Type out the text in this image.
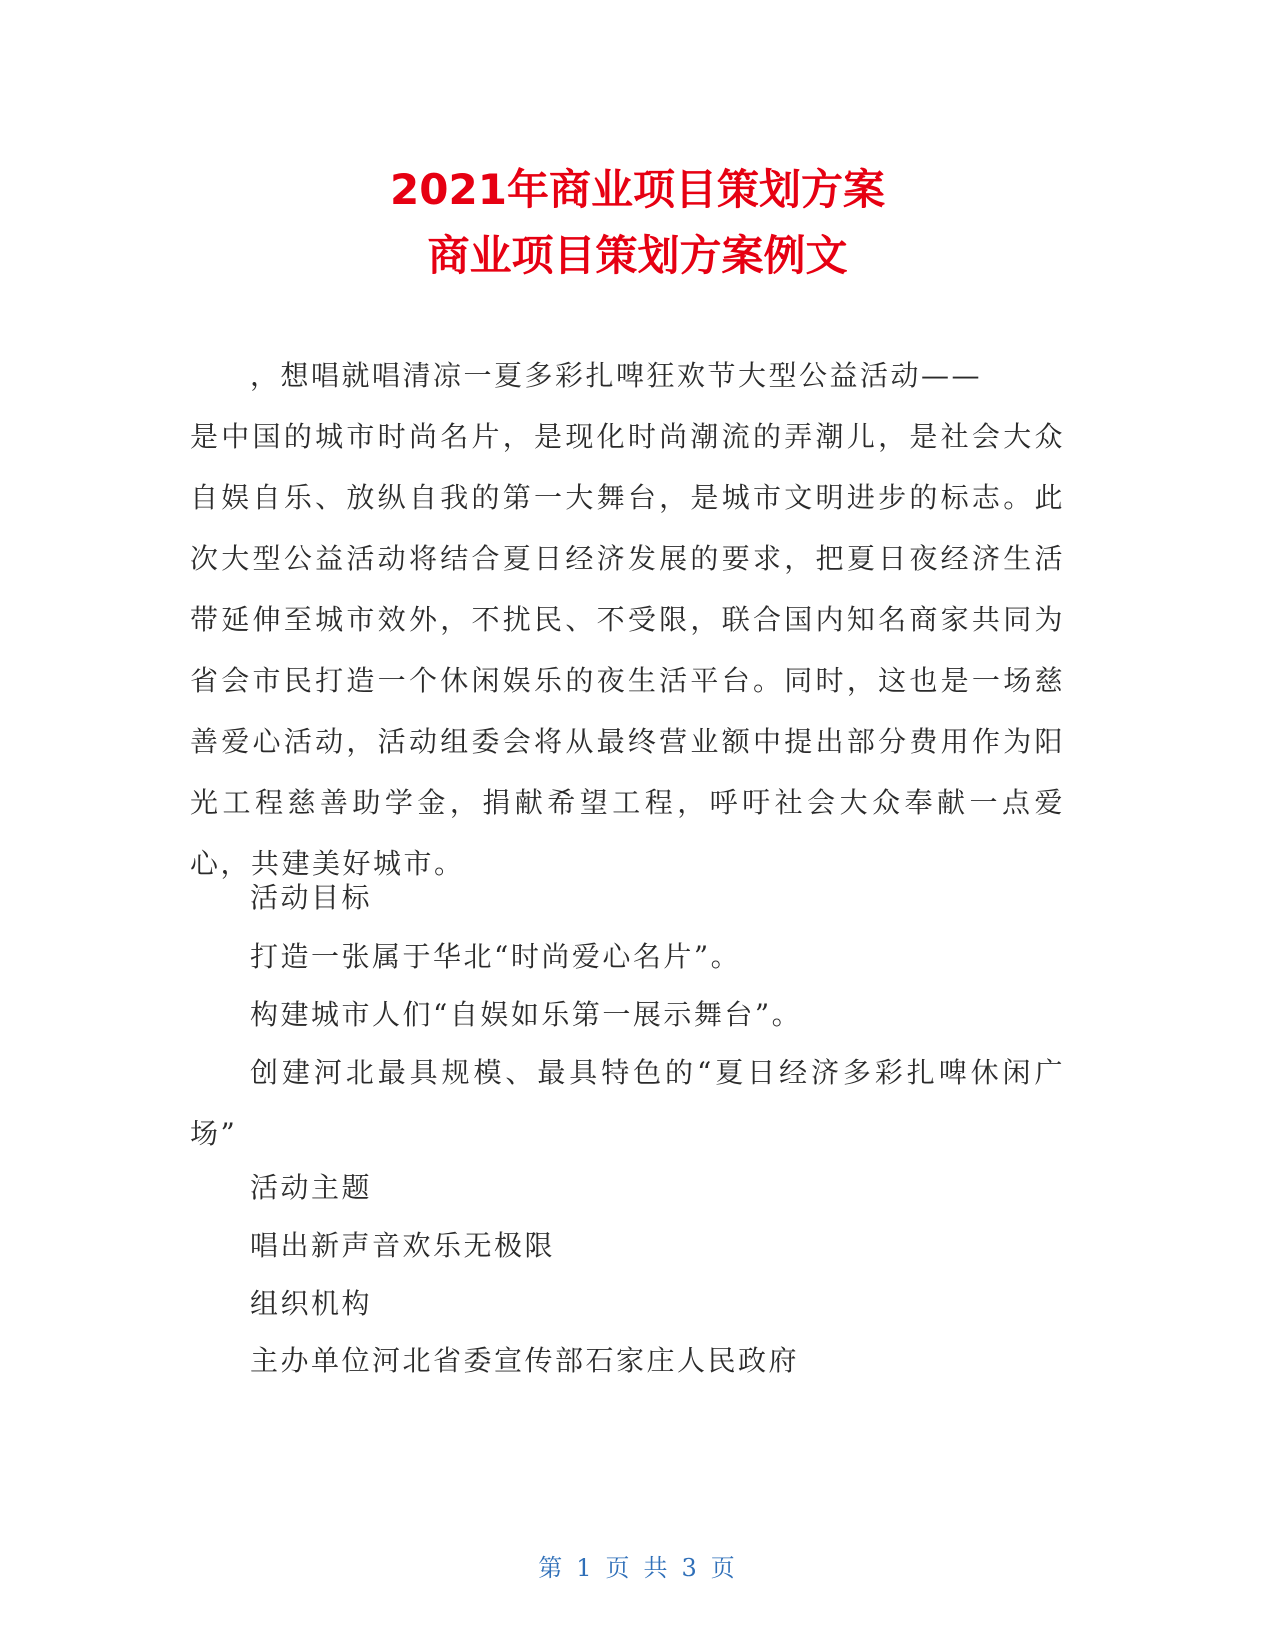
2021年商业项目策划方案
商业项目策划方案例文

，想唱就唱清凉一夏多彩扎啤狂欢节大型公益活动——
是中国的城市时尚名片，是现化时尚潮流的弄潮儿，是社会大众自娱自乐、放纵自我的第一大舞台，是城市文明进步的标志。此次大型公益活动将结合夏日经济发展的要求，把夏日夜经济生活带延伸至城市效外，不扰民、不受限，联合国内知名商家共同为省会市民打造一个休闲娱乐的夜生活平台。同时，这也是一场慈善爱心活动，活动组委会将从最终营业额中提出部分费用作为阳光工程慈善助学金，捐献希望工程，呼吁社会大众奉献一点爱心，共建美好城市。

活动目标

打造一张属于华北“时尚爱心名片”。

构建城市人们“自娱如乐第一展示舞台”。

创建河北最具规模、最具特色的“夏日经济多彩扎啤休闲广场”

活动主题

唱出新声音欢乐无极限

组织机构

主办单位河北省委宣传部石家庄人民政府

第 1 页 共 3 页
